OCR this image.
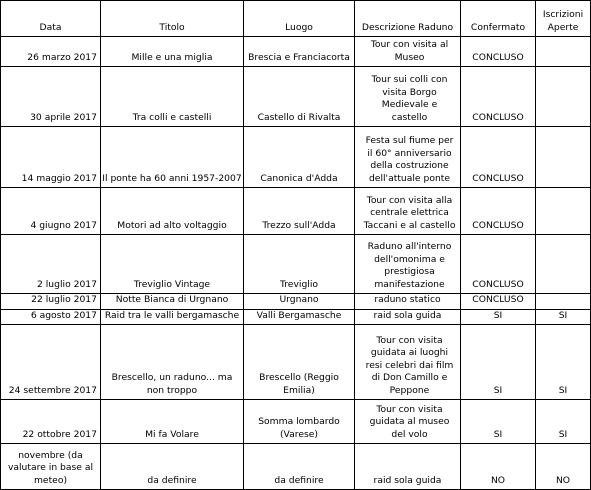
Data	Titolo	Luogo	Descrizione Raduno	Confermato	Iscrizioni Aperte
26 marzo 2017	Mille e una miglia	Brescia e Franciacorta	Tour con visita al Museo	CONCLUSO	
30 aprile 2017	Tra colli e castelli	Castello di Rivalta	Tour sui colli con visita Borgo Medievale e castello	CONCLUSO	
14 maggio 2017	Il ponte ha 60 anni 1957-2007	Canonica d'Adda	Festa sul fiume per il 60° anniversario della costruzione dell'attuale ponte	CONCLUSO	
4 giugno 2017	Motori ad alto voltaggio	Trezzo sull'Adda	Tour con visita alla centrale elettrica Taccani e al castello	CONCLUSO	
2 luglio 2017	Treviglio Vintage	Treviglio	Raduno all'interno dell'omonima e prestigiosa manifestazione	CONCLUSO	
22 luglio 2017	Notte Bianca di Urgnano	Urgnano	raduno statico	CONCLUSO	
6 agosto 2017	Raid tra le valli bergamasche	Valli Bergamasche	raid sola guida	SI	SI
24 settembre 2017	Brescello, un raduno... ma non troppo	Brescello (Reggio Emilia)	Tour con visita guidata ai luoghi resi celebri dai film di Don Camillo e Peppone	SI	SI
22 ottobre 2017	Mi fa Volare	Somma lombardo (Varese)	Tour con visita guidata al museo del volo	SI	SI
novembre (da valutare in base al meteo)	da definire	da definire	raid sola guida	NO	NO
